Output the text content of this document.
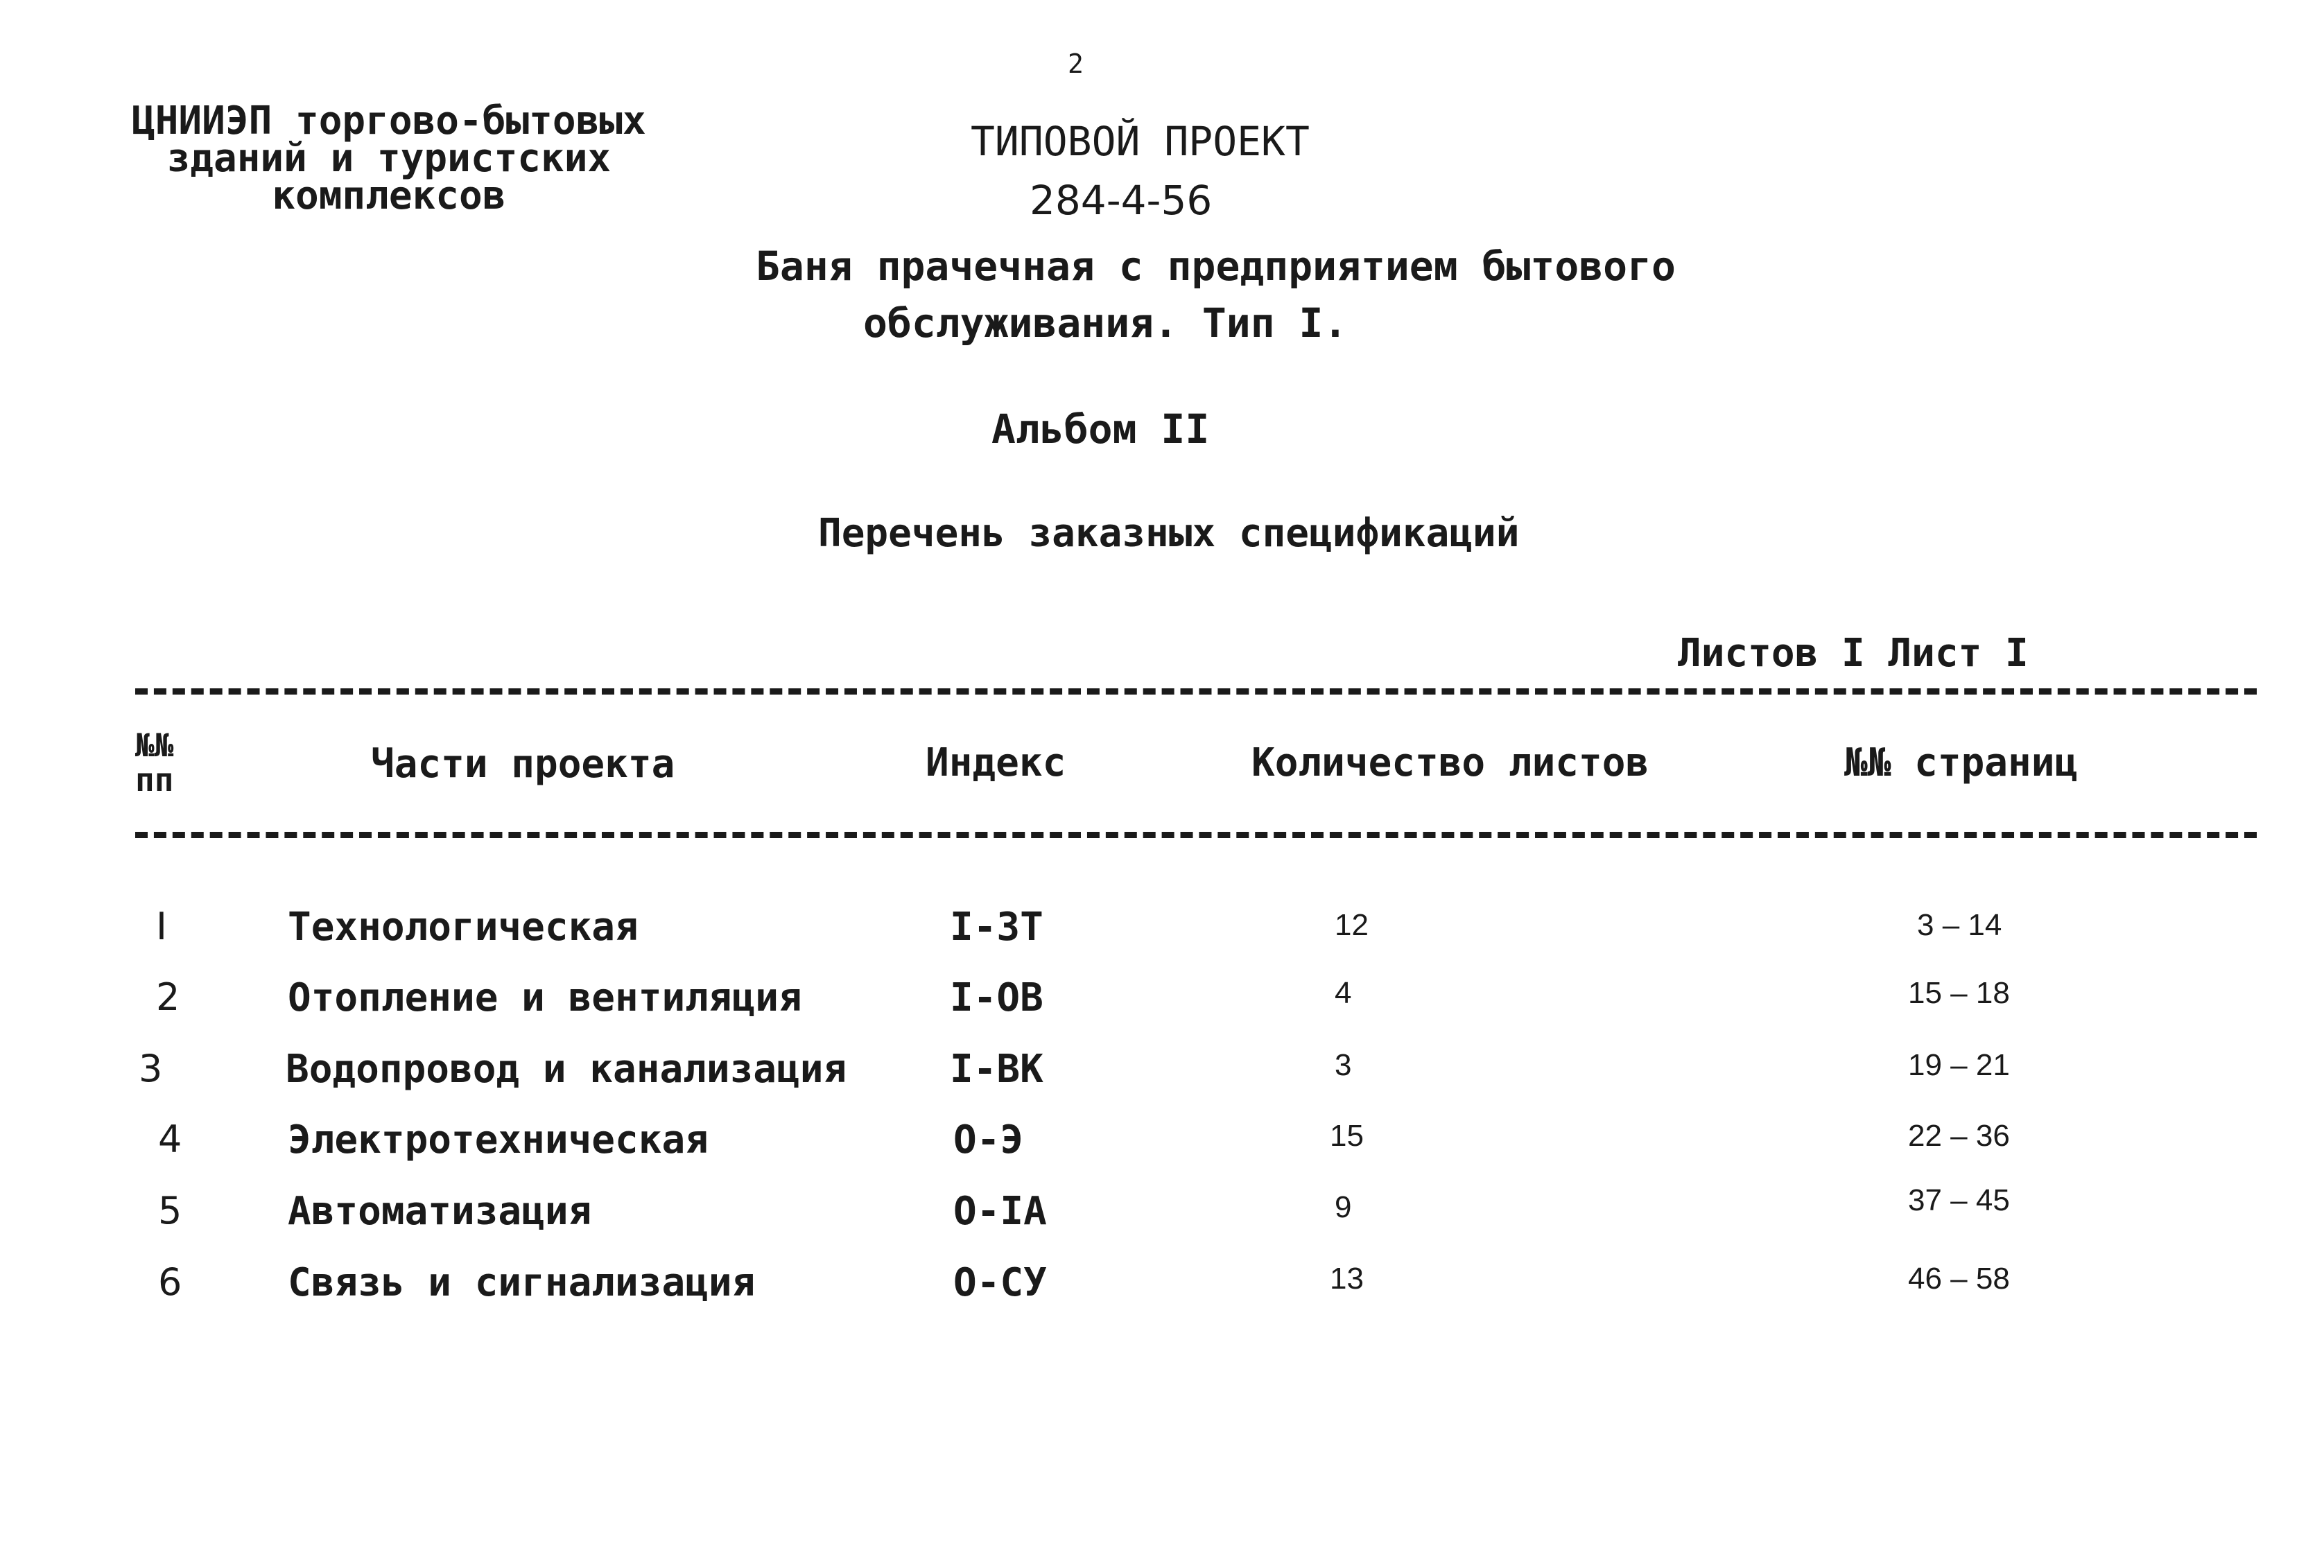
2
ЦНИИЭП торгово-бытовых
зданий и туристских
комплексов
ТИПОВОЙ ПРОЕКТ
284-4-56
Баня прачечная с предприятием бытового
обслуживания. Тип I.
Альбом II
Перечень заказных спецификаций
Листов I Лист I
№№
пп	Части проекта	Индекс	Количество листов	№№ страниц
I	Технологическая	I-3Т	12	3 – 14
2	Отопление и вентиляция	I-ОВ	4	15 – 18
3	Водопровод и канализация	I-ВК	3	19 – 21
4	Электротехническая	О-Э	15	22 – 36
5	Автоматизация	О-IА	9	37 – 45
6	Связь и сигнализация	О-СУ	13	46 – 58
